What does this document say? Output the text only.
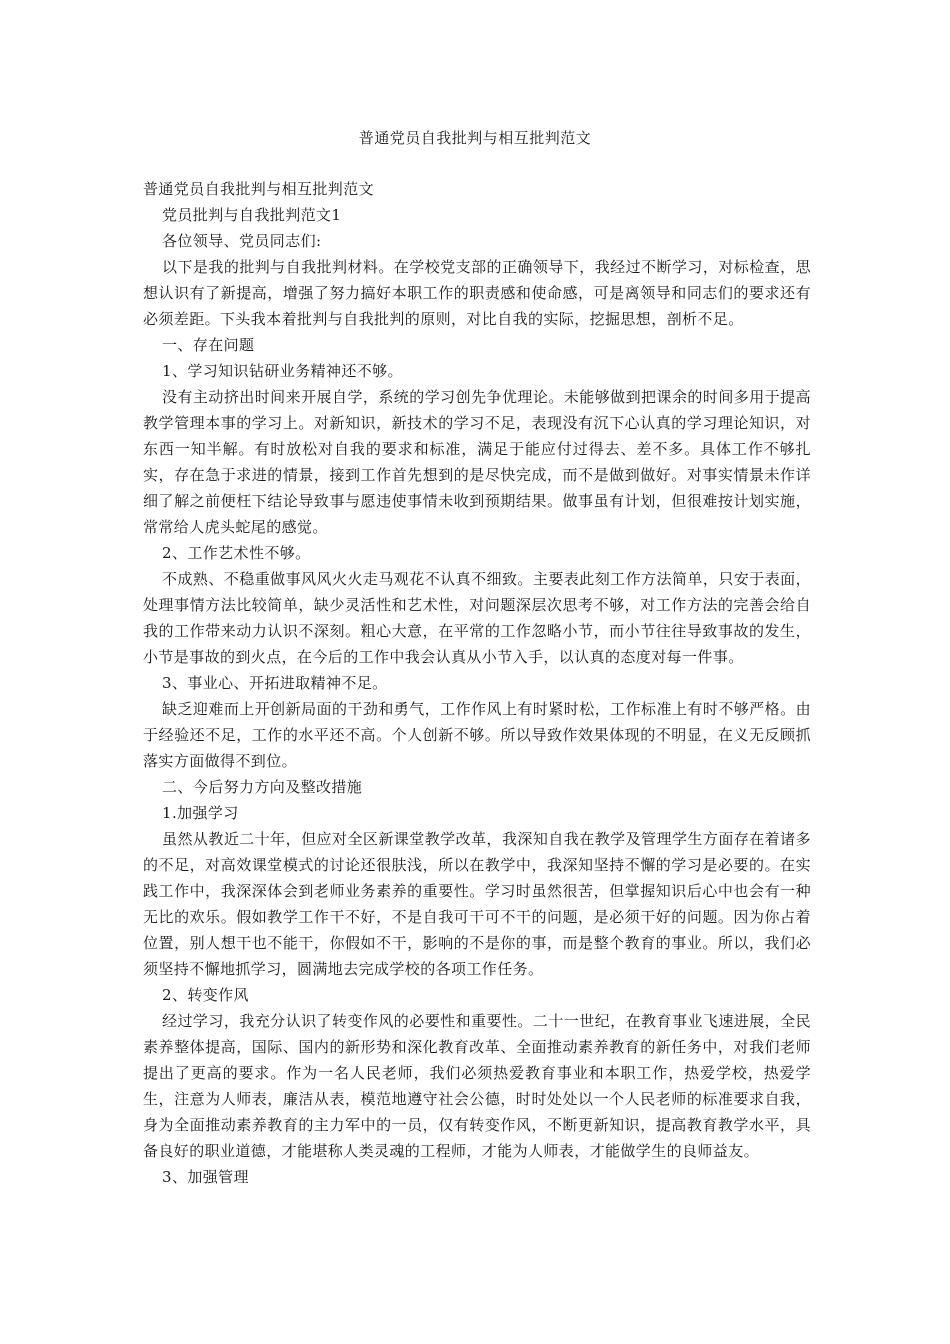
普通党员自我批判与相互批判范文

普通党员自我批判与相互批判范文

党员批判与自我批判范文1

各位领导、党员同志们:

以下是我的批判与自我批判材料。在学校党支部的正确领导下，我经过不断学习，对标检查，思想认识有了新提高，增强了努力搞好本职工作的职责感和使命感，可是离领导和同志们的要求还有必须差距。下头我本着批判与自我批判的原则，对比自我的实际，挖掘思想，剖析不足。

一、存在问题

1、学习知识钻研业务精神还不够。

没有主动挤出时间来开展自学，系统的学习创先争优理论。未能够做到把课余的时间多用于提高教学管理本事的学习上。对新知识，新技术的学习不足，表现没有沉下心认真的学习理论知识，对东西一知半解。有时放松对自我的要求和标准，满足于能应付过得去、差不多。具体工作不够扎实，存在急于求进的情景，接到工作首先想到的是尽快完成，而不是做到做好。对事实情景未作详细了解之前便枉下结论导致事与愿违使事情未收到预期结果。做事虽有计划，但很难按计划实施，常常给人虎头蛇尾的感觉。

2、工作艺术性不够。

不成熟、不稳重做事风风火火走马观花不认真不细致。主要表此刻工作方法简单，只安于表面，处理事情方法比较简单，缺少灵活性和艺术性，对问题深层次思考不够，对工作方法的完善会给自我的工作带来动力认识不深刻。粗心大意，在平常的工作忽略小节，而小节往往导致事故的发生，小节是事故的到火点，在今后的工作中我会认真从小节入手，以认真的态度对每一件事。

3、事业心、开拓进取精神不足。

缺乏迎难而上开创新局面的干劲和勇气，工作作风上有时紧时松，工作标准上有时不够严格。由于经验还不足，工作的水平还不高。个人创新不够。所以导致作效果体现的不明显，在义无反顾抓落实方面做得不到位。

二、今后努力方向及整改措施

1.加强学习

虽然从教近二十年，但应对全区新课堂教学改革，我深知自我在教学及管理学生方面存在着诸多的不足，对高效课堂模式的讨论还很肤浅，所以在教学中，我深知坚持不懈的学习是必要的。在实践工作中，我深深体会到老师业务素养的重要性。学习时虽然很苦，但掌握知识后心中也会有一种无比的欢乐。假如教学工作干不好，不是自我可干可不干的问题，是必须干好的问题。因为你占着位置，别人想干也不能干，你假如不干，影响的不是你的事，而是整个教育的事业。所以，我们必须坚持不懈地抓学习，圆满地去完成学校的各项工作任务。

2、转变作风

经过学习，我充分认识了转变作风的必要性和重要性。二十一世纪，在教育事业飞速进展，全民素养整体提高，国际、国内的新形势和深化教育改革、全面推动素养教育的新任务中，对我们老师提出了更高的要求。作为一名人民老师，我们必须热爱教育事业和本职工作，热爱学校，热爱学生，注意为人师表，廉洁从表，模范地遵守社会公德，时时处处以一个人民老师的标准要求自我，身为全面推动素养教育的主力军中的一员，仅有转变作风，不断更新知识，提高教育教学水平，具备良好的职业道德，才能堪称人类灵魂的工程师，才能为人师表，才能做学生的良师益友。

3、加强管理
